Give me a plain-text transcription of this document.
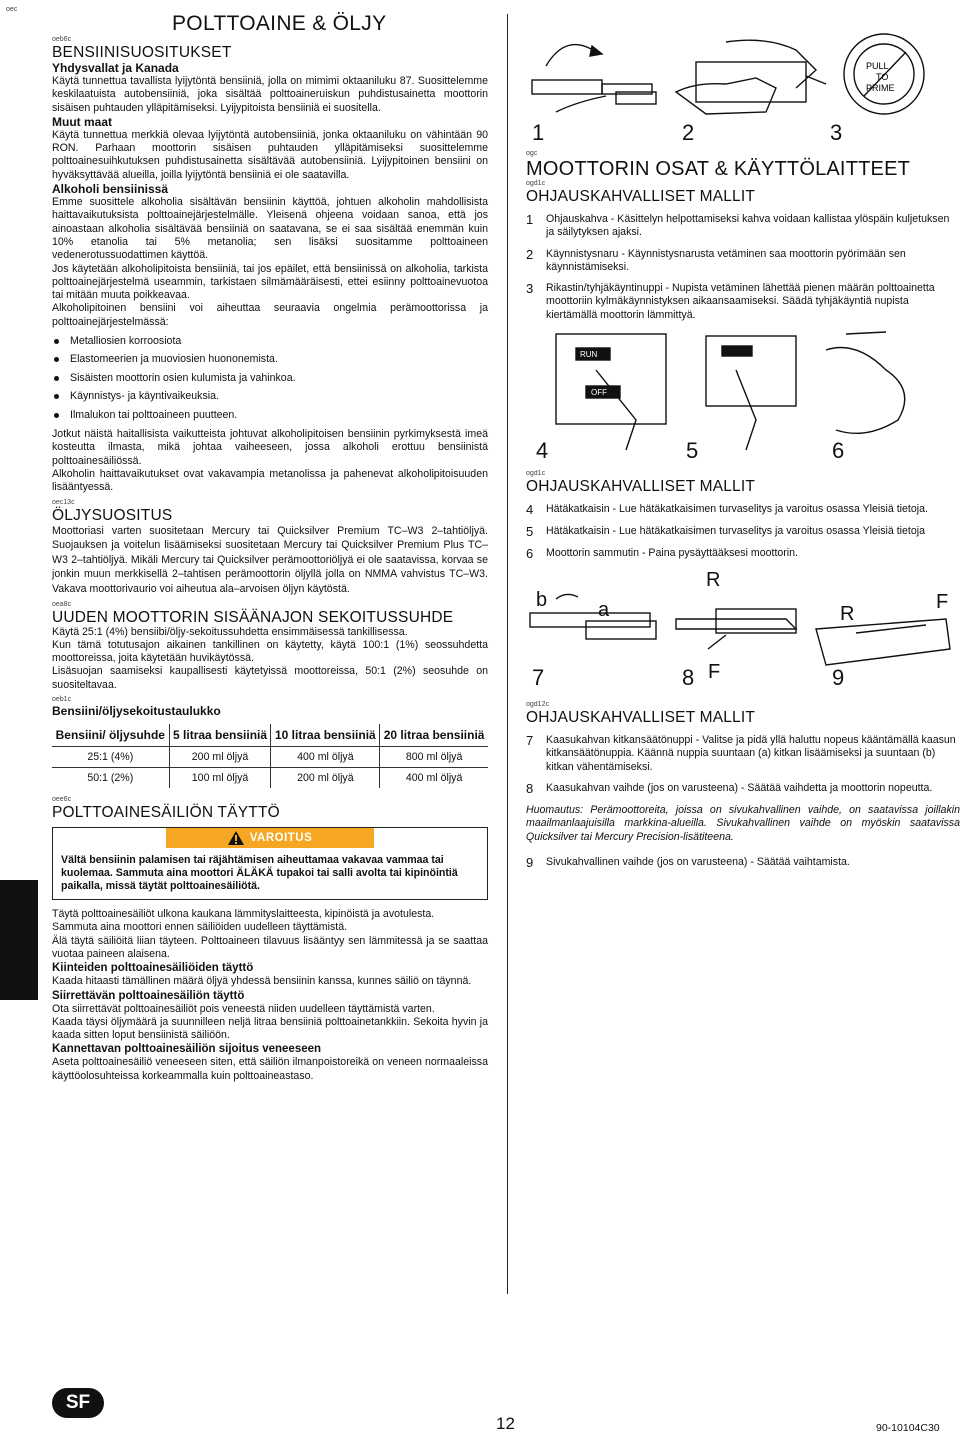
oec
POLTTOAINE & ÖLJY
oeb6c
BENSIINISUOSITUKSET
Yhdysvallat ja Kanada

Käytä tunnettua tavallista lyijytöntä bensiiniä, jolla on mimimi oktaaniluku 87. Suosittelemme keskilaatuista autobensiiniä, joka sisältää polttoaineruiskun puhdistusainetta moottorin sisäisen puhtauden ylläpitämiseksi. Lyijypitoista bensiiniä ei suositella.

Muut maat

Käytä tunnettua merkkiä olevaa lyijytöntä autobensiiniä, jonka oktaaniluku on vähintään 90 RON. Parhaan moottorin sisäisen puhtauden ylläpitämiseksi suosittelemme polttoainesuihkutuksen puhdistusainetta sisältävää autobensiiniä. Lyijypitoinen bensiini on hyväksyttävää alueilla, joilla lyijytöntä bensiiniä ei ole saatavilla.

Alkoholi bensiinissä

Emme suosittele alkoholia sisältävän bensiinin käyttöä, johtuen alkoholin mahdollisista haittavaikutuksista polttoainejärjestelmälle. Yleisenä ohjeena voidaan sanoa, että jos ainoastaan alkoholia sisältävää bensiiniä on saatavana, se ei saa sisältää enemmän kuin 10% etanolia tai 5% metanolia; sen lisäksi suositamme polttoaineen vedenerotussuodattimen käyttöä.

Jos käytetään alkoholipitoista bensiiniä, tai jos epäilet, että bensiinissä on alkoholia, tarkista polttoainejärjestelmä useammin, tarkistaen silmämääräisesti, ettei esiinny polttoainevuotoa tai mitään muuta poikkeavaa.

Alkoholipitoinen bensiini voi aiheuttaa seuraavia ongelmia perämoottorissa ja polttoainejärjestelmässä:

Metalliosien korroosiota
Elastomeerien ja muoviosien huononemista.
Sisäisten moottorin osien kulumista ja vahinkoa.
Käynnistys- ja käyntivaikeuksia.
Ilmalukon tai polttoaineen puutteen.

Jotkut näistä haitallisista vaikutteista johtuvat alkoholipitoisen bensiinin pyrkimyksestä imeä kosteutta ilmasta, mikä johtaa vaiheeseen, jossa alkoholi erottuu bensiinistä polttoainesäiliössä.

Alkoholin haittavaikutukset ovat vakavampia metanolissa ja pahenevat alkoholipitoisuuden lisääntyessä.

oec13c
ÖLJYSUOSITUS

Moottoriasi varten suositetaan Mercury tai Quicksilver Premium TC–W3 2–tahtiöljyä. Suojauksen ja voitelun lisäämiseksi suositetaan Mercury tai Quicksilver Premium Plus TC–W3 2–tahtiöljyä. Mikäli Mercury tai Quicksilver perämoottoriöljyä ei ole saatavissa, korvaa se jonkin muun merkkisellä 2–tahtisen perämoottorin öljyllä jolla on NMMA vahvistus TC–W3. Vakava moottorivaurio voi aiheutua ala–arvoisen öljyn käytöstä.

oea8c
UUDEN MOOTTORIN SISÄÄNAJON SEKOITUSSUHDE

Käytä 25:1 (4%) bensiibi/öljy-sekoitussuhdetta ensimmäisessä tankillisessa.

Kun tämä totutusajon aikainen tankillinen on käytetty, käytä 100:1 (1%) seossuhdetta moottoreissa, joita käytetään huvikäytössä.

Lisäsuojan saamiseksi kaupallisesti käytetyissä moottoreissa, 50:1 (2%) seosuhde on suositeltavaa.

oeb1c
Bensiini/öljysekoitustaulukko
Bensiini/ öljysuhde	5 litraa bensiiniä	10 litraa bensiiniä	20 litraa bensiiniä
25:1 (4%)	200 ml öljyä	400 ml öljyä	800 ml öljyä
50:1 (2%)	100 ml öljyä	200 ml öljyä	400 ml öljyä
oee6c
POLTTOAINESÄILIÖN TÄYTTÖ
VAROITUS
Vältä bensiinin palamisen tai räjähtämisen aiheuttamaa vakavaa vammaa tai kuolemaa. Sammuta aina moottori ÄLÄKÄ tupakoi tai salli avolta tai kipinöintiä paikalla, missä täytät polttoainesäiliötä.

Täytä polttoainesäiliöt ulkona kaukana lämmityslaitteesta, kipinöistä ja avotulesta.

Sammuta aina moottori ennen säiliöiden uudelleen täyttämistä.

Älä täytä säiliöitä liian täyteen. Polttoaineen tilavuus lisääntyy sen lämmitessä ja se saattaa vuotaa paineen alaisena.

Kiinteiden polttoainesäiliöiden täyttö

Kaada hitaasti tämällinen määrä öljyä yhdessä bensiinin kanssa, kunnes säiliö on täynnä.

Siirrettävän polttoainesäiliön täyttö

Ota siirrettävät polttoainesäiliöt pois veneestä niiden uudelleen täyttämistä varten.

Kaada täysi öljymäärä ja suunnilleen neljä litraa bensiiniä polttoainetankkiin. Sekoita hyvin ja kaada sitten loput bensiinistä säiliöön.

Kannettavan polttoainesäiliön sijoitus veneeseen

Aseta polttoainesäiliö veneeseen siten, että säiliön ilmanpoistoreikä on veneen normaaleissa käyttöolosuhteissa korkeammalla kuin polttoaineastaso.

PULL
TO
PRIME
1	2	3
ogc
MOOTTORIN OSAT & KÄYTTÖLAITTEET
ogd1c
OHJAUSKAHVALLISET MALLIT
1 Ohjauskahva - Käsittelyn helpottamiseksi kahva voidaan kallistaa ylöspäin kuljetuksen ja säilytyksen ajaksi.
2 Käynnistysnaru - Käynnistysnarusta vetäminen saa moottorin pyörimään sen käynnistämiseksi.
3 Rikastin/tyhjäkäyntinuppi - Nupista vetäminen lähettää pienen määrän polttoainetta moottoriin kylmäkäynnistyksen aikaansaamiseksi. Säädä tyhjäkäyntiä nupista kiertämällä moottorin lämmittyä.
RUN
OFF
4	5	6
ogd1c
OHJAUSKAHVALLISET MALLIT
4 Hätäkatkaisin - Lue hätäkatkaisimen turvaselitys ja varoitus osassa Yleisiä tietoja.
5 Hätäkatkaisin - Lue hätäkatkaisimen turvaselitys ja varoitus osassa Yleisiä tietoja
6 Moottorin sammutin - Paina pysäyttääksesi moottorin.
b	a
R
F
R
F
7	8	9
ogd12c
OHJAUSKAHVALLISET MALLIT
7 Kaasukahvan kitkansäätönuppi - Valitse ja pidä yllä haluttu nopeus kääntämällä kaasun kitkansäätönuppia. Käännä nuppia suuntaan (a) kitkan lisäämiseksi ja suuntaan (b) kitkan vähentämiseksi.
8 Kaasukahvan vaihde (jos on varusteena) - Säätää vaihdetta ja moottorin nopeutta.

Huomautus: Perämoottoreita, joissa on sivukahvallinen vaihde, on saatavissa joillakin maailmanlaajuisilla markkina-alueilla. Sivukahvallinen vaihde on myöskin saatavissa Quicksilver tai Mercury Precision-lisätiteena.

9 Sivukahvallinen vaihde (jos on varusteena) - Säätää vaihtamista.
SF
12	90-10104C30
